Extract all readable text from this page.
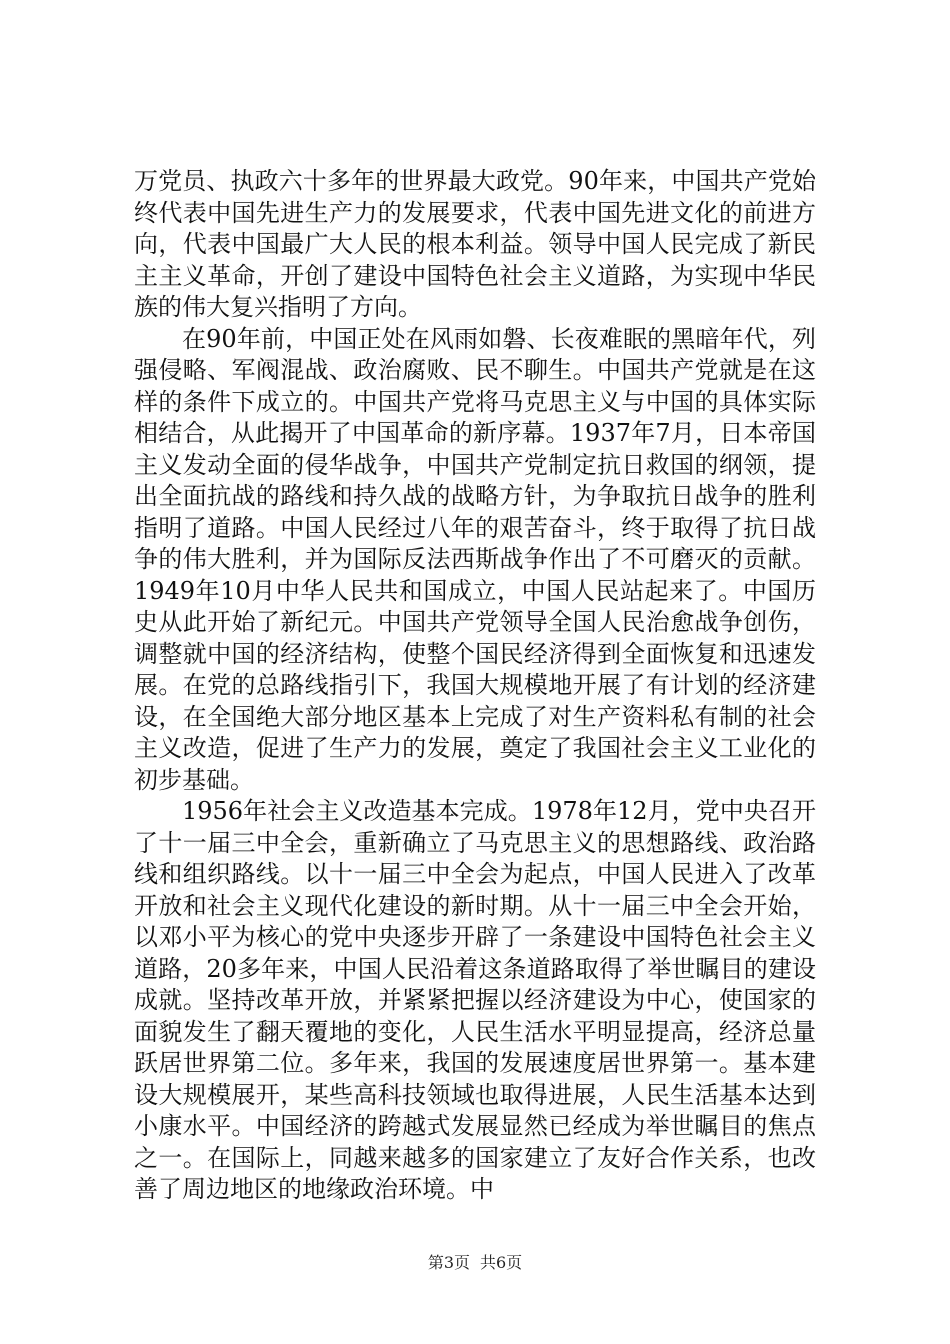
万党员、执政六十多年的世界最大政党。90年来，中国共产党始终代表中国先进生产力的发展要求，代表中国先进文化的前进方向，代表中国最广大人民的根本利益。领导中国人民完成了新民主主义革命，开创了建设中国特色社会主义道路，为实现中华民族的伟大复兴指明了方向。

在90年前，中国正处在风雨如磐、长夜难眠的黑暗年代，列强侵略、军阀混战、政治腐败、民不聊生。中国共产党就是在这样的条件下成立的。中国共产党将马克思主义与中国的具体实际相结合，从此揭开了中国革命的新序幕。1937年7月，日本帝国主义发动全面的侵华战争，中国共产党制定抗日救国的纲领，提出全面抗战的路线和持久战的战略方针，为争取抗日战争的胜利指明了道路。中国人民经过八年的艰苦奋斗，终于取得了抗日战争的伟大胜利，并为国际反法西斯战争作出了不可磨灭的贡献。1949年10月中华人民共和国成立，中国人民站起来了。中国历史从此开始了新纪元。中国共产党领导全国人民治愈战争创伤，调整就中国的经济结构，使整个国民经济得到全面恢复和迅速发展。在党的总路线指引下，我国大规模地开展了有计划的经济建设，在全国绝大部分地区基本上完成了对生产资料私有制的社会主义改造，促进了生产力的发展，奠定了我国社会主义工业化的初步基础。

1956年社会主义改造基本完成。1978年12月，党中央召开了十一届三中全会，重新确立了马克思主义的思想路线、政治路线和组织路线。以十一届三中全会为起点，中国人民进入了改革开放和社会主义现代化建设的新时期。从十一届三中全会开始，以邓小平为核心的党中央逐步开辟了一条建设中国特色社会主义道路，20多年来，中国人民沿着这条道路取得了举世瞩目的建设成就。坚持改革开放，并紧紧把握以经济建设为中心，使国家的面貌发生了翻天覆地的变化，人民生活水平明显提高，经济总量跃居世界第二位。多年来，我国的发展速度居世界第一。基本建设大规模展开，某些高科技领域也取得进展，人民生活基本达到小康水平。中国经济的跨越式发展显然已经成为举世瞩目的焦点之一。在国际上，同越来越多的国家建立了友好合作关系，也改善了周边地区的地缘政治环境。中

第3页 共6页
